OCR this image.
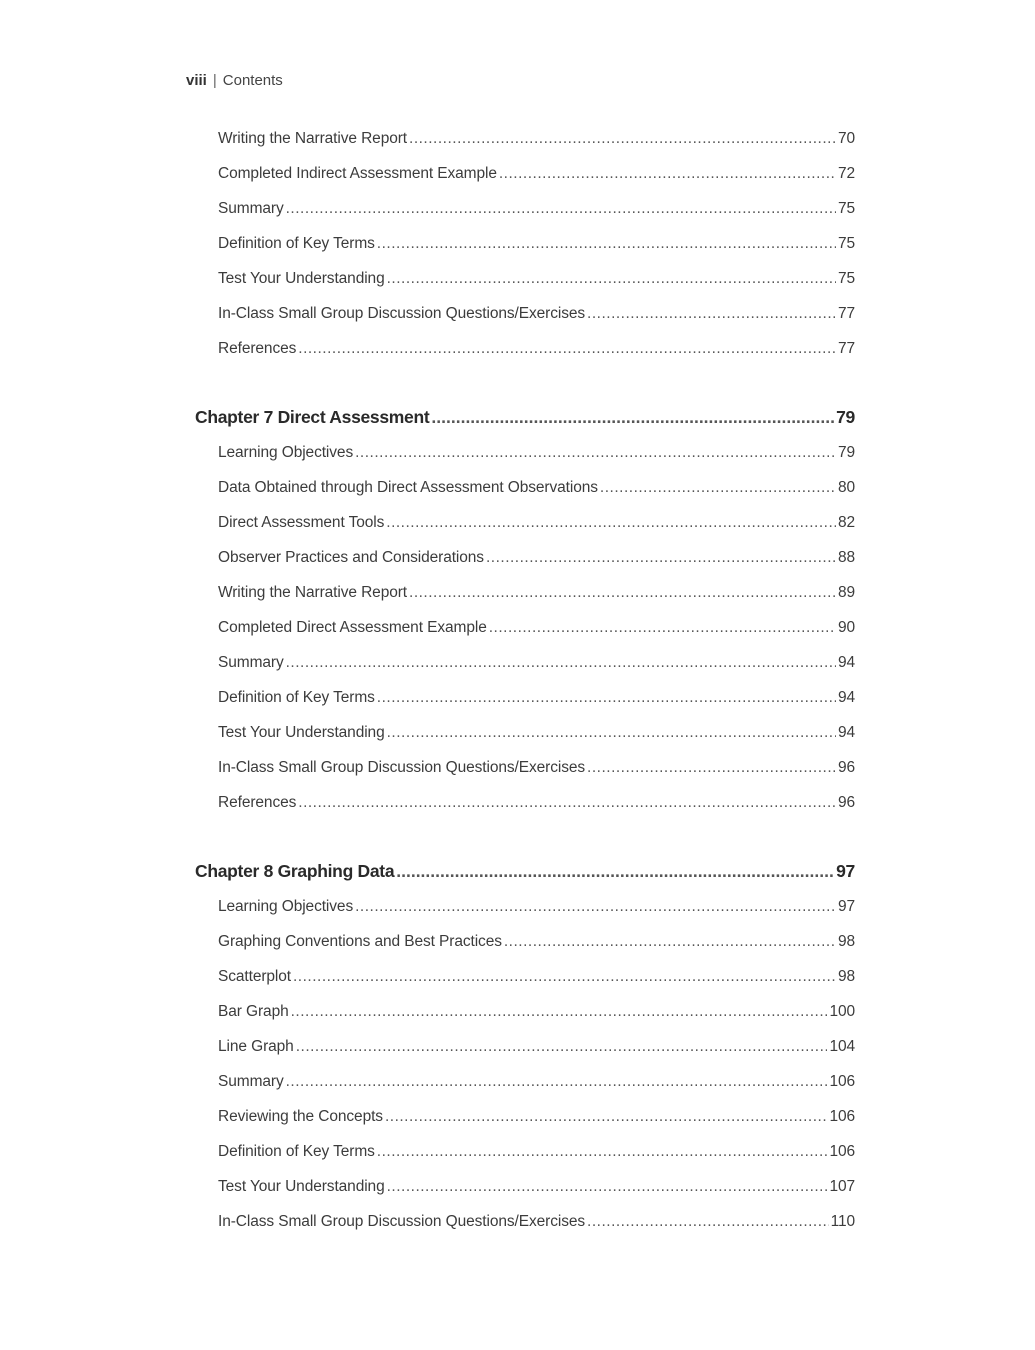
viii | Contents
Writing the Narrative Report .....	70
Completed Indirect Assessment Example .....	72
Summary .....	75
Definition of Key Terms .....	75
Test Your Understanding .....	75
In-Class Small Group Discussion Questions/Exercises .....	77
References .....	77
Chapter 7 Direct Assessment .....	79
Learning Objectives .....	79
Data Obtained through Direct Assessment Observations .....	80
Direct Assessment Tools .....	82
Observer Practices and Considerations .....	88
Writing the Narrative Report .....	89
Completed Direct Assessment Example .....	90
Summary .....	94
Definition of Key Terms .....	94
Test Your Understanding .....	94
In-Class Small Group Discussion Questions/Exercises .....	96
References .....	96
Chapter 8 Graphing Data .....	97
Learning Objectives .....	97
Graphing Conventions and Best Practices .....	98
Scatterplot .....	98
Bar Graph .....	100
Line Graph .....	104
Summary .....	106
Reviewing the Concepts .....	106
Definition of Key Terms .....	106
Test Your Understanding .....	107
In-Class Small Group Discussion Questions/Exercises .....	110
